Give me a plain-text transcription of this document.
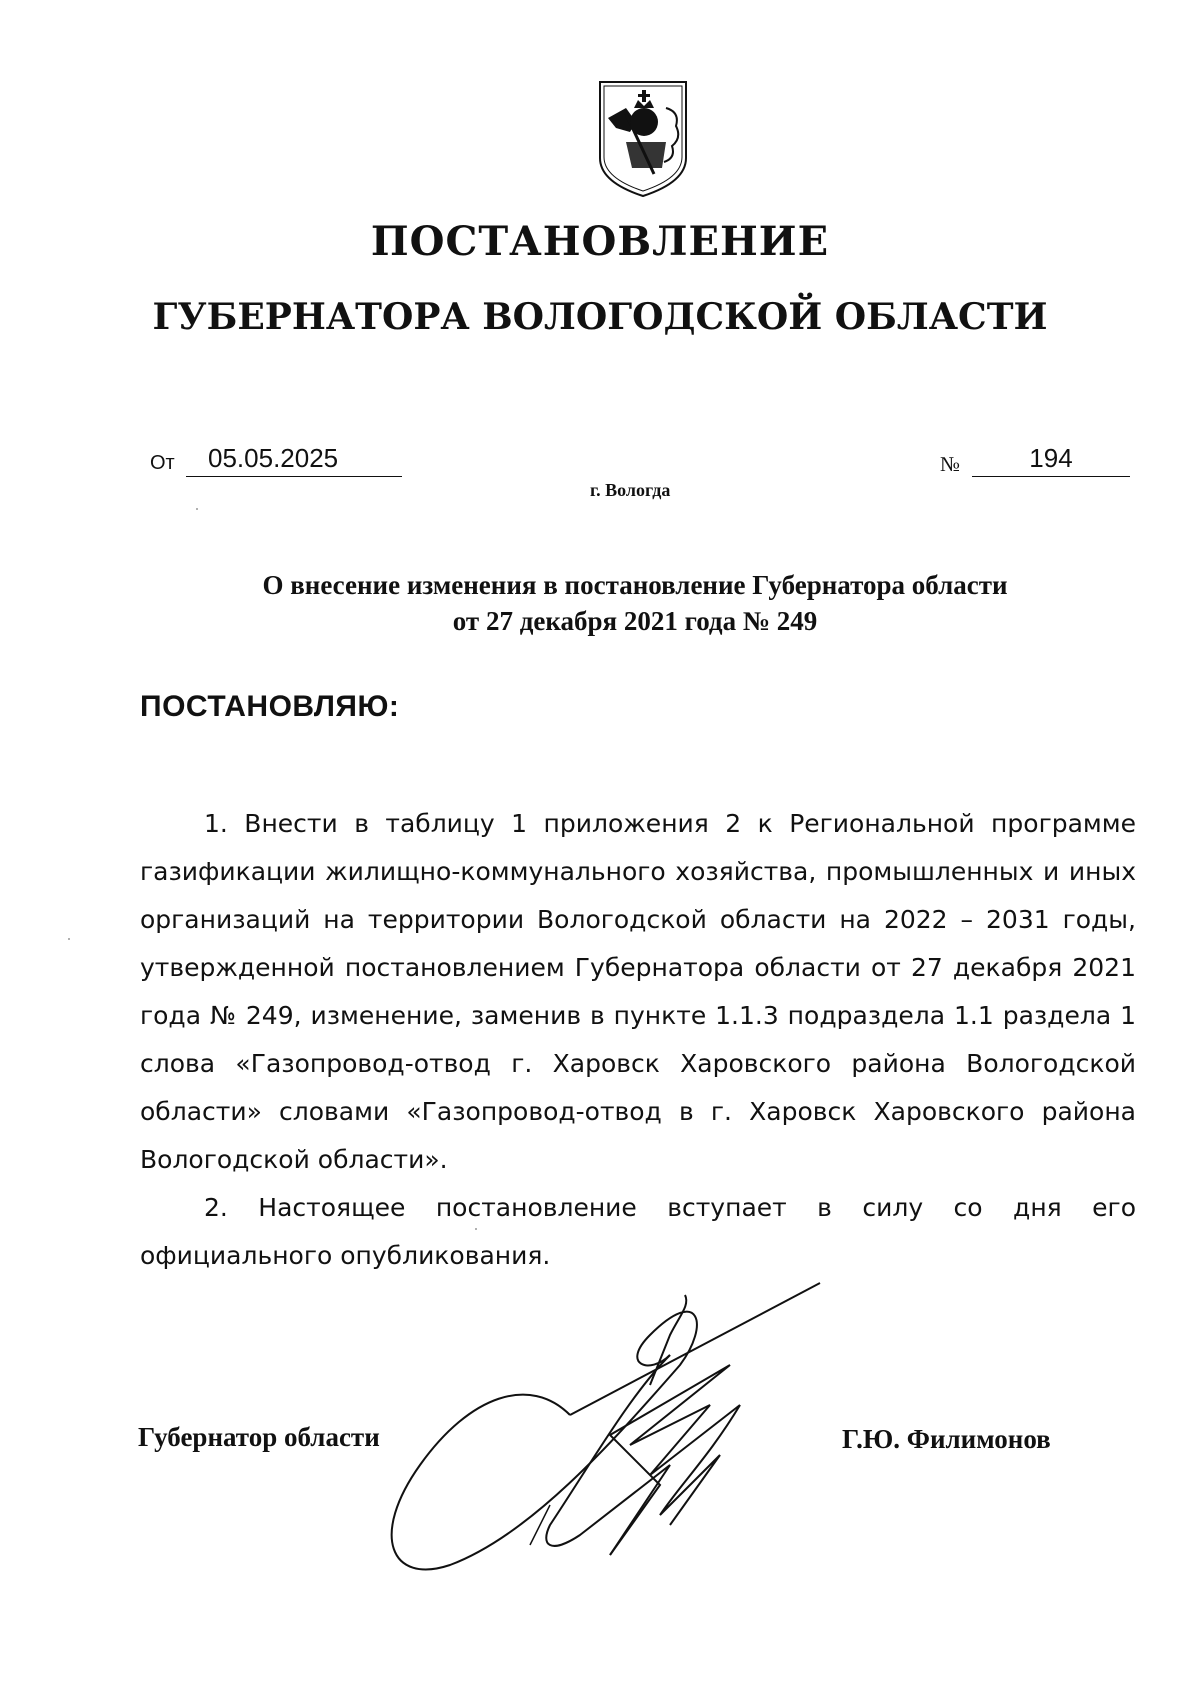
ПОСТАНОВЛЕНИЕ
ГУБЕРНАТОРА ВОЛОГОДСКОЙ ОБЛАСТИ
От	05.05.2025	№	194
г. Вологда
О внесение изменения в постановление Губернатора области
от 27 декабря 2021 года № 249
ПОСТАНОВЛЯЮ:

1. Внести в таблицу 1 приложения 2 к Региональной программе газификации жилищно-коммунального хозяйства, промышленных и иных организаций на территории Вологодской области на 2022 – 2031 годы, утвержденной постановлением Губернатора области от 27 декабря 2021 года № 249, изменение, заменив в пункте 1.1.3 подраздела 1.1 раздела 1 слова «Газопровод-отвод г. Харовск Харовского района Вологодской области» словами «Газопровод-отвод в г. Харовск Харовского района Вологодской области».

2. Настоящее постановление вступает в силу со дня его официального опубликования.

Губернатор области	Г.Ю. Филимонов
